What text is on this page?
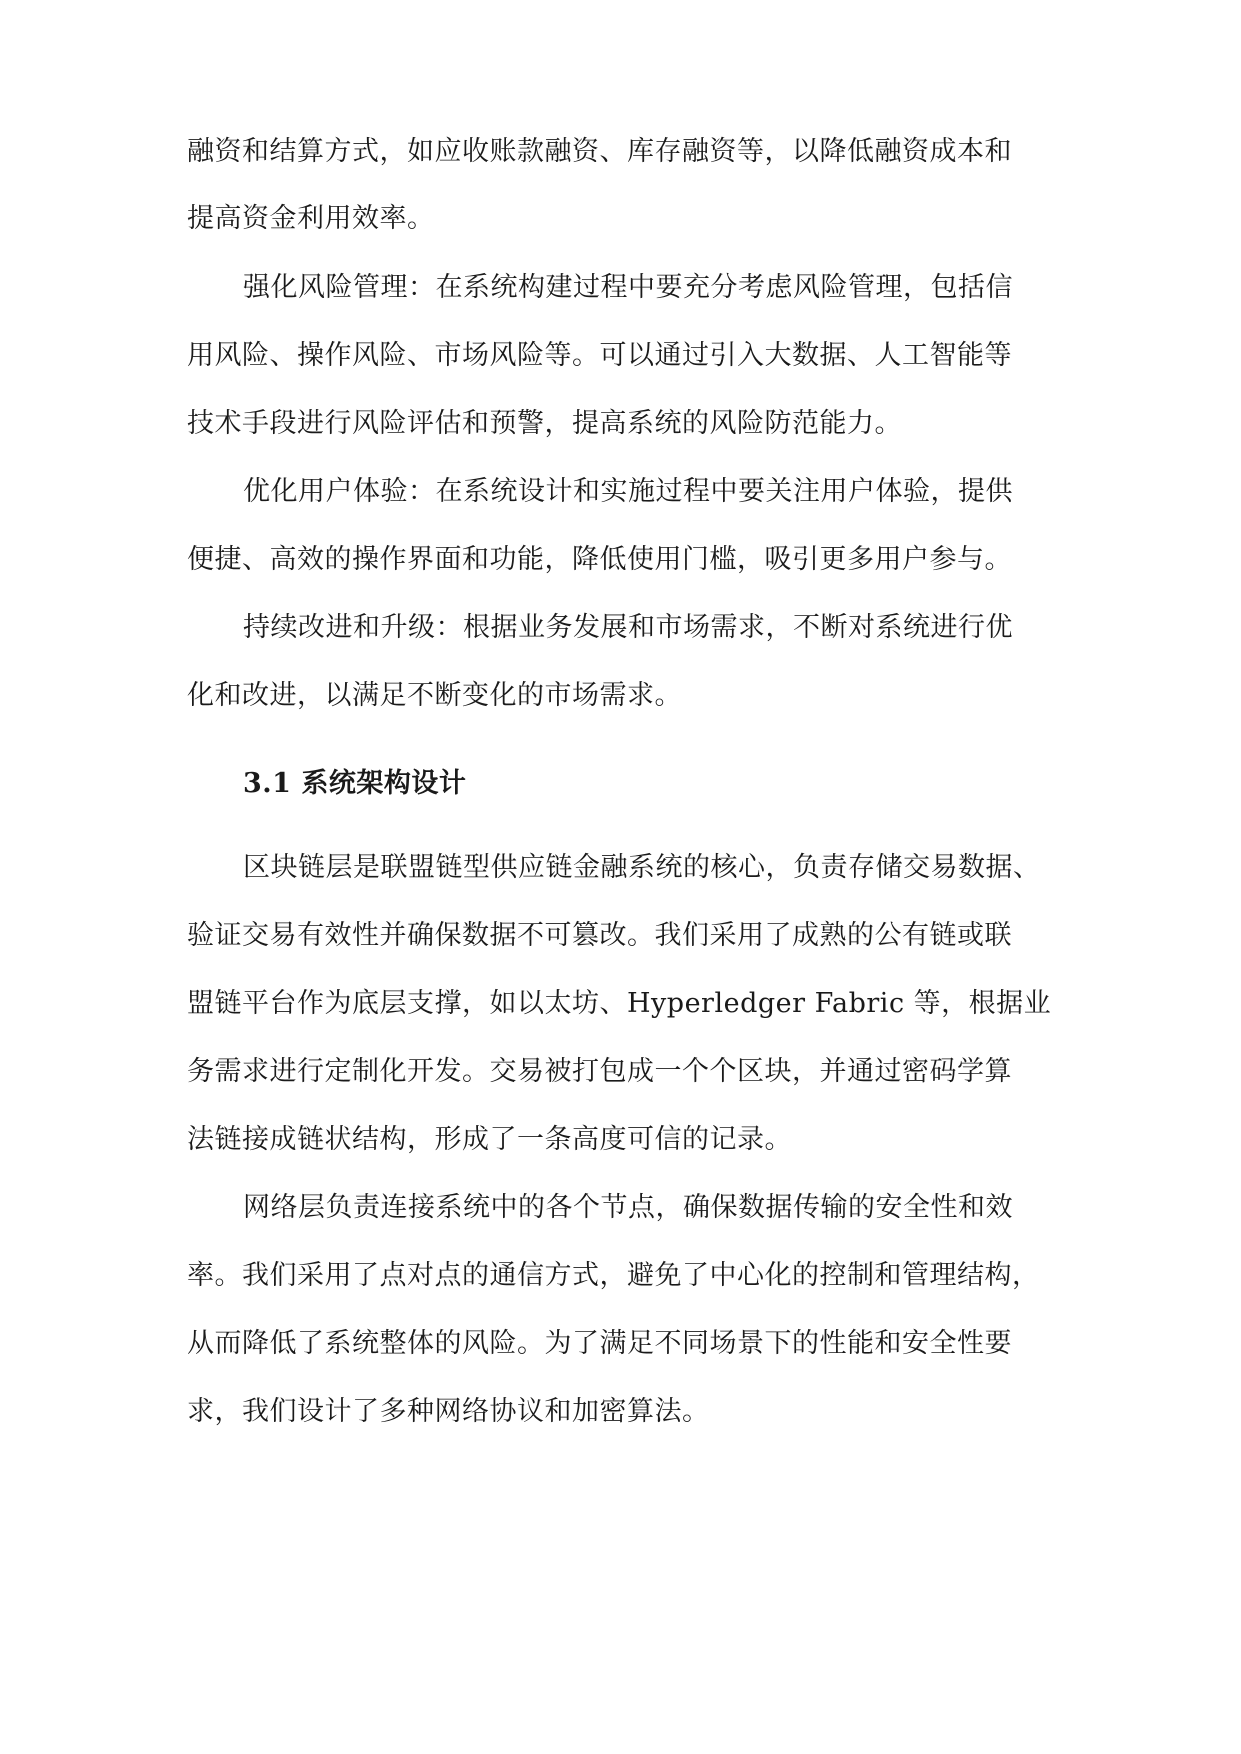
融资和结算方式，如应收账款融资、库存融资等，以降低融资成本和
提高资金利用效率。
强化风险管理：在系统构建过程中要充分考虑风险管理，包括信
用风险、操作风险、市场风险等。可以通过引入大数据、人工智能等
技术手段进行风险评估和预警，提高系统的风险防范能力。
优化用户体验：在系统设计和实施过程中要关注用户体验，提供
便捷、高效的操作界面和功能，降低使用门槛，吸引更多用户参与。
持续改进和升级：根据业务发展和市场需求，不断对系统进行优
化和改进，以满足不断变化的市场需求。
3.1 系统架构设计
区块链层是联盟链型供应链金融系统的核心，负责存储交易数据、
验证交易有效性并确保数据不可篡改。我们采用了成熟的公有链或联
盟链平台作为底层支撑，如以太坊、Hyperledger Fabric 等，根据业
务需求进行定制化开发。交易被打包成一个个区块，并通过密码学算
法链接成链状结构，形成了一条高度可信的记录。
网络层负责连接系统中的各个节点，确保数据传输的安全性和效
率。我们采用了点对点的通信方式，避免了中心化的控制和管理结构，
从而降低了系统整体的风险。为了满足不同场景下的性能和安全性要
求，我们设计了多种网络协议和加密算法。
